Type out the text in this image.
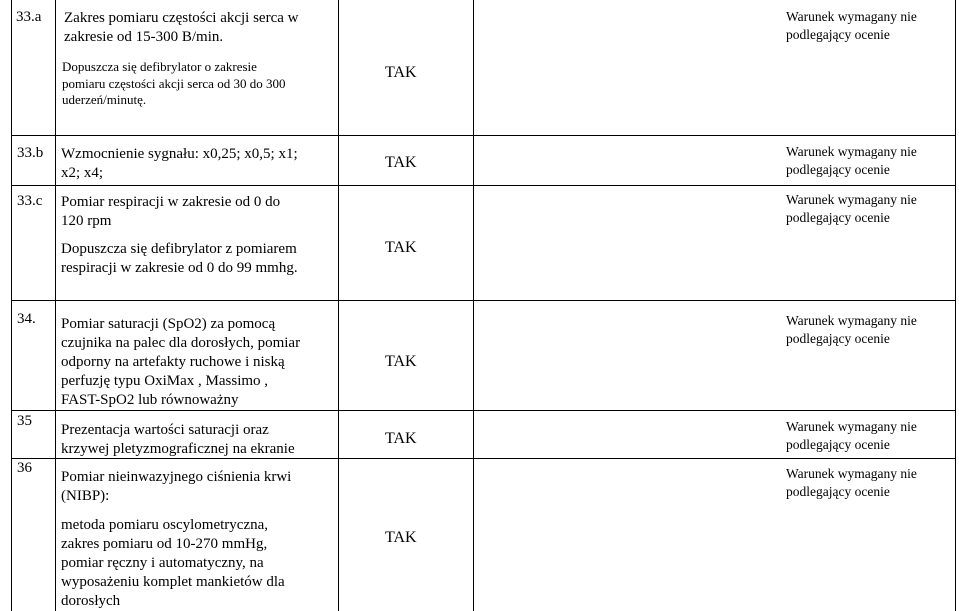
33.a Zakres pomiaru częstości akcji serca w
zakresie od 15-300 B/min.
Dopuszcza się defibrylator o zakresie
pomiaru częstości akcji serca od 30 do 300
uderzeń/minutę.
TAK
Warunek wymagany nie
podlegający ocenie
33.b Wzmocnienie sygnału: x0,25; x0,5; x1;
x2; x4;
TAK
Warunek wymagany nie
podlegający ocenie
33.c Pomiar respiracji w zakresie od 0 do
120 rpm
Dopuszcza się defibrylator z pomiarem
respiracji w zakresie od 0 do 99 mmhg.
TAK
Warunek wymagany nie
podlegający ocenie
34. Pomiar saturacji (SpO2) za pomocą
czujnika na palec dla dorosłych, pomiar
odporny na artefakty ruchowe i niską
perfuzję typu OxiMax , Massimo ,
FAST-SpO2 lub równoważny
TAK
Warunek wymagany nie
podlegający ocenie
35
Prezentacja wartości saturacji oraz
krzywej pletyzmograficznej na ekranie
TAK
Warunek wymagany nie
podlegający ocenie
36
Pomiar nieinwazyjnego ciśnienia krwi
(NIBP):
metoda pomiaru oscylometryczna,
zakres pomiaru od 10-270 mmHg,
pomiar ręczny i automatyczny, na
wyposażeniu komplet mankietów dla
dorosłych
TAK
Warunek wymagany nie
podlegający ocenie
